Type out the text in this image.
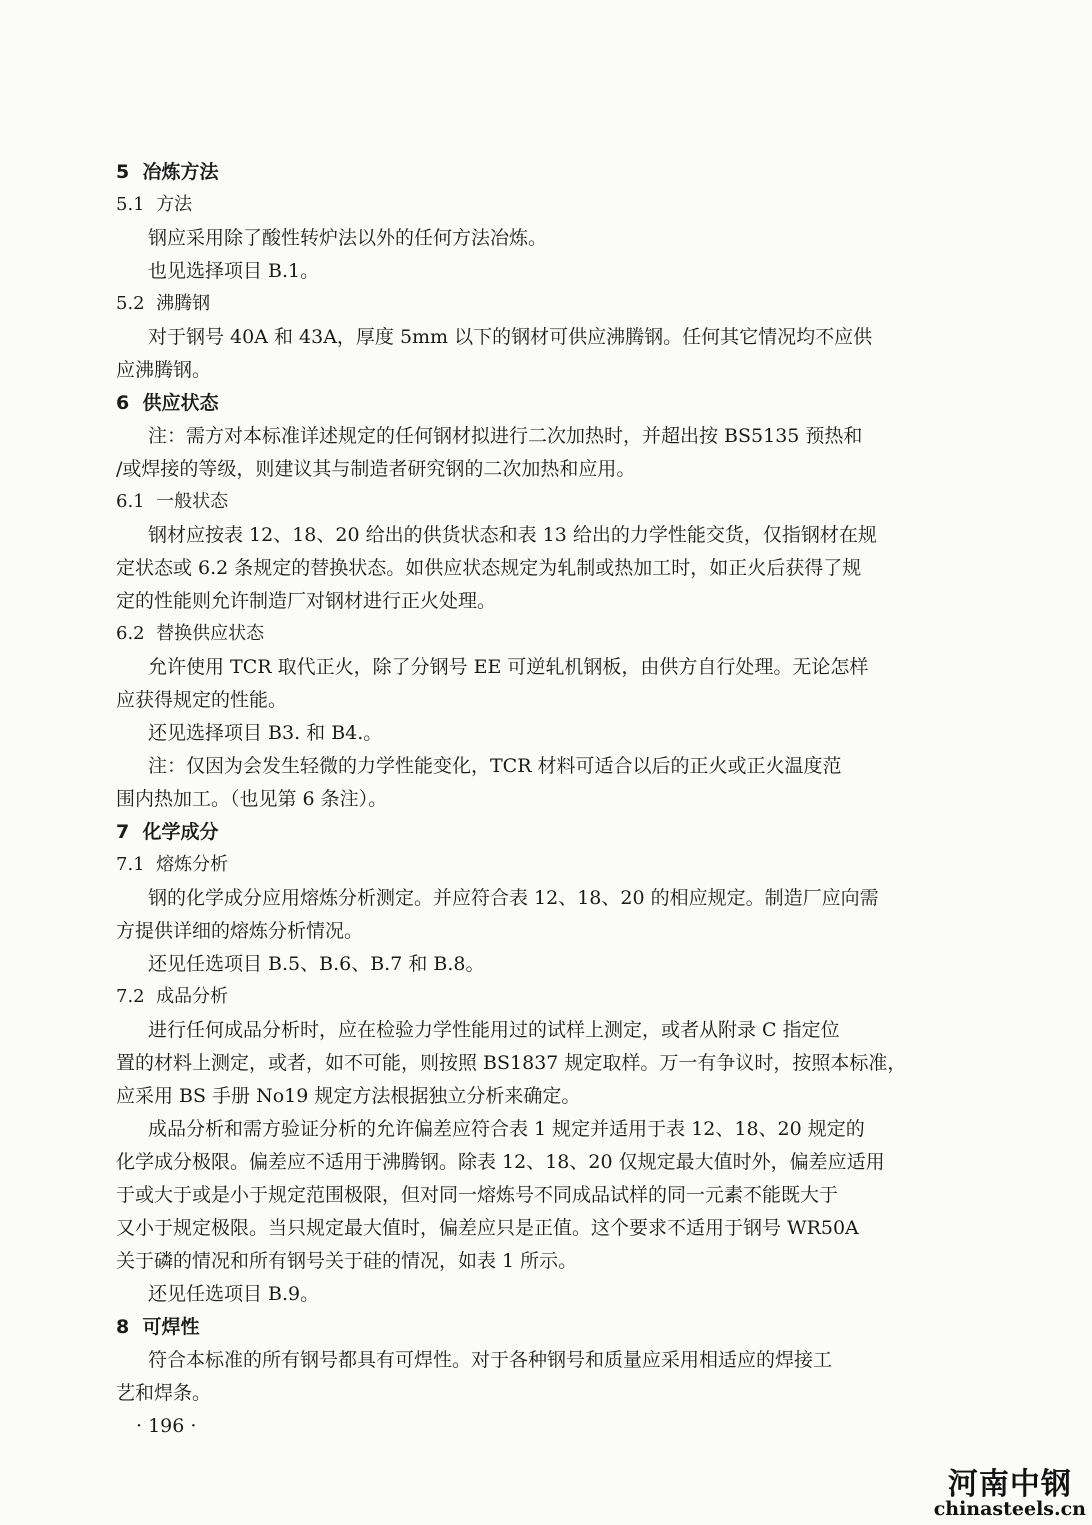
5 冶炼方法
5.1 方法
钢应采用除了酸性转炉法以外的任何方法冶炼。
也见选择项目 B.1。
5.2 沸腾钢
对于钢号 40A 和 43A，厚度 5mm 以下的钢材可供应沸腾钢。任何其它情况均不应供
应沸腾钢。
6 供应状态
注：需方对本标准详述规定的任何钢材拟进行二次加热时，并超出按 BS5135 预热和
/或焊接的等级，则建议其与制造者研究钢的二次加热和应用。
6.1 一般状态
钢材应按表 12、18、20 给出的供货状态和表 13 给出的力学性能交货，仅指钢材在规
定状态或 6.2 条规定的替换状态。如供应状态规定为轧制或热加工时，如正火后获得了规
定的性能则允许制造厂对钢材进行正火处理。
6.2 替换供应状态
允许使用 TCR 取代正火，除了分钢号 EE 可逆轧机钢板，由供方自行处理。无论怎样
应获得规定的性能。
还见选择项目 B3. 和 B4.。
注：仅因为会发生轻微的力学性能变化，TCR 材料可适合以后的正火或正火温度范
围内热加工。（也见第 6 条注）。
7 化学成分
7.1 熔炼分析
钢的化学成分应用熔炼分析测定。并应符合表 12、18、20 的相应规定。制造厂应向需
方提供详细的熔炼分析情况。
还见任选项目 B.5、B.6、B.7 和 B.8。
7.2 成品分析
进行任何成品分析时，应在检验力学性能用过的试样上测定，或者从附录 C 指定位
置的材料上测定，或者，如不可能，则按照 BS1837 规定取样。万一有争议时，按照本标准，
应采用 BS 手册 No19 规定方法根据独立分析来确定。
成品分析和需方验证分析的允许偏差应符合表 1 规定并适用于表 12、18、20 规定的
化学成分极限。偏差应不适用于沸腾钢。除表 12、18、20 仅规定最大值时外，偏差应适用
于或大于或是小于规定范围极限，但对同一熔炼号不同成品试样的同一元素不能既大于
又小于规定极限。当只规定最大值时，偏差应只是正值。这个要求不适用于钢号 WR50A
关于磷的情况和所有钢号关于硅的情况，如表 1 所示。
还见任选项目 B.9。
8 可焊性
符合本标准的所有钢号都具有可焊性。对于各种钢号和质量应采用相适应的焊接工
艺和焊条。
· 196 ·
河南中钢
chinasteels.cn
